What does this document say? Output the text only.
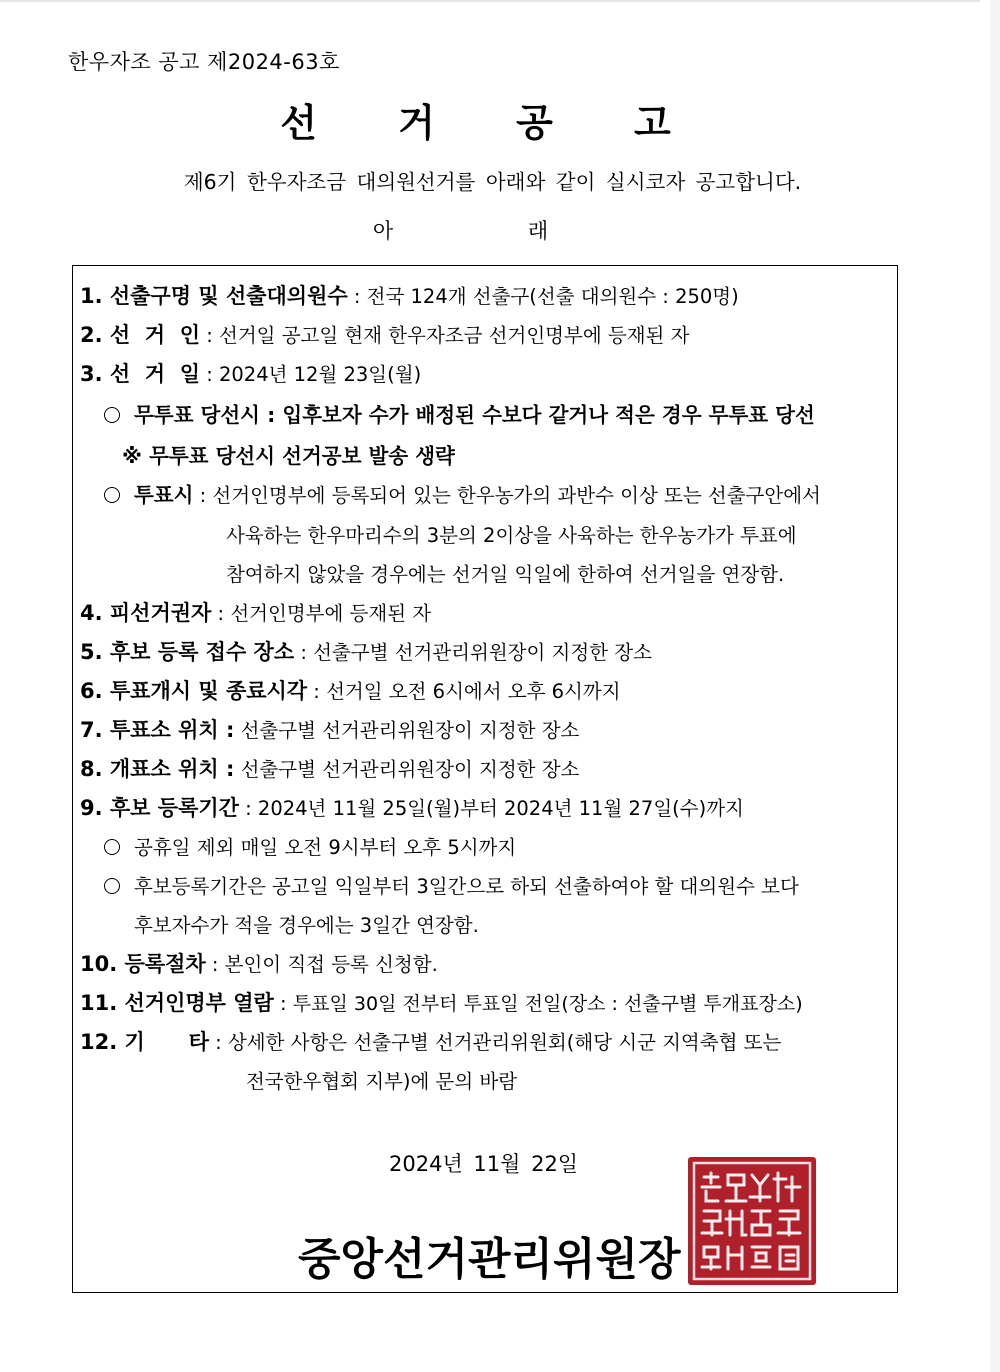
한우자조 공고 제2024-63호
선 거 공 고
제6기 한우자조금 대의원선거를 아래와 같이 실시코자 공고합니다.
아 래
1. 선출구명 및 선출대의원수 : 전국 124개 선출구(선출 대의원수 : 250명)
2. 선  거  인 : 선거일 공고일 현재 한우자조금 선거인명부에 등재된 자
3. 선  거  일 : 2024년 12월 23일(월)
무투표 당선시 : 입후보자 수가 배정된 수보다 같거나 적은 경우 무투표 당선
※ 무투표 당선시 선거공보 발송 생략
투표시 : 선거인명부에 등록되어 있는 한우농가의 과반수 이상 또는 선출구안에서
사육하는 한우마리수의 3분의 2이상을 사육하는 한우농가가 투표에
참여하지 않았을 경우에는 선거일 익일에 한하여 선거일을 연장함.
4. 피선거권자 : 선거인명부에 등재된 자
5. 후보 등록 접수 장소 : 선출구별 선거관리위원장이 지정한 장소
6. 투표개시 및 종료시각 : 선거일 오전 6시에서 오후 6시까지
7. 투표소 위치 : 선출구별 선거관리위원장이 지정한 장소
8. 개표소 위치 : 선출구별 선거관리위원장이 지정한 장소
9. 후보 등록기간 : 2024년 11월 25일(월)부터 2024년 11월 27일(수)까지
공휴일 제외 매일 오전 9시부터 오후 5시까지
후보등록기간은 공고일 익일부터 3일간으로 하되 선출하여야 할 대의원수 보다
후보자수가 적을 경우에는 3일간 연장함.
10. 등록절차 : 본인이 직접 등록 신청함.
11. 선거인명부 열람 : 투표일 30일 전부터 투표일 전일(장소 : 선출구별 투개표장소)
12. 기      타 : 상세한 사항은 선출구별 선거관리위원회(해당 시군 지역축협 또는
전국한우협회 지부)에 문의 바람
2024년 11월 22일
중앙선거관리위원장
